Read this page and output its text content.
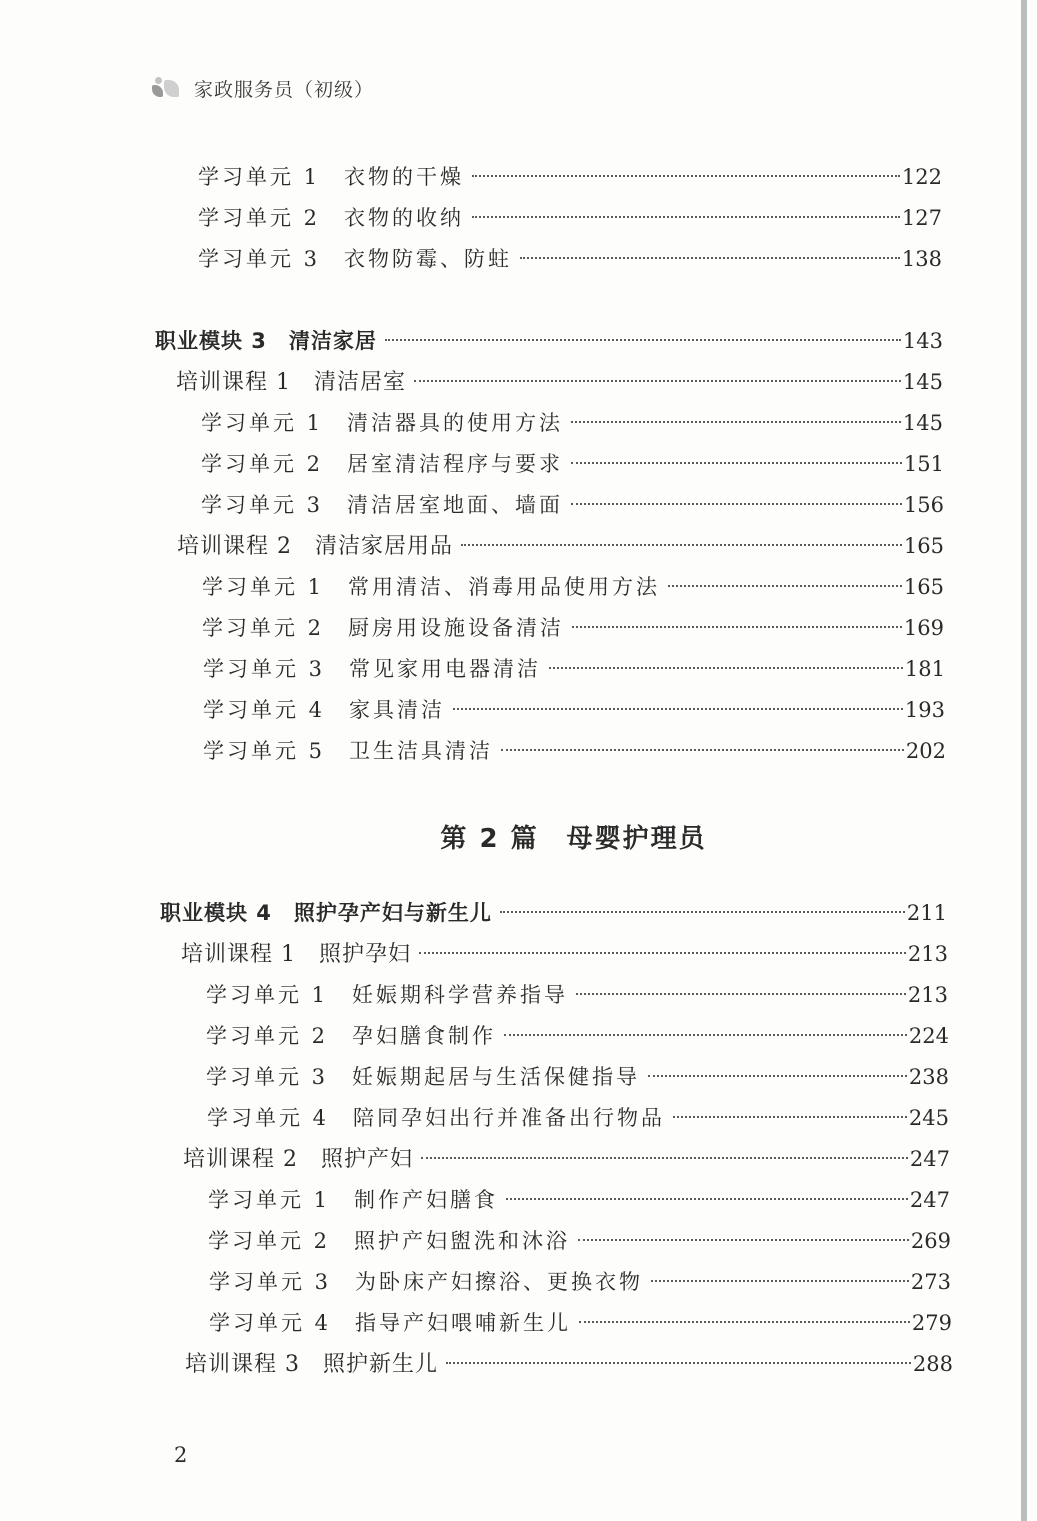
家政服务员（初级）
学习单元 1　衣物的干燥	122
学习单元 2　衣物的收纳	127
学习单元 3　衣物防霉、防蛀	138
职业模块 3　清洁家居	143
培训课程 1　清洁居室	145
学习单元 1　清洁器具的使用方法	145
学习单元 2　居室清洁程序与要求	151
学习单元 3　清洁居室地面、墙面	156
培训课程 2　清洁家居用品	165
学习单元 1　常用清洁、消毒用品使用方法	165
学习单元 2　厨房用设施设备清洁	169
学习单元 3　常见家用电器清洁	181
学习单元 4　家具清洁	193
学习单元 5　卫生洁具清洁	202
第 2 篇　母婴护理员
职业模块 4　照护孕产妇与新生儿	211
培训课程 1　照护孕妇	213
学习单元 1　妊娠期科学营养指导	213
学习单元 2　孕妇膳食制作	224
学习单元 3　妊娠期起居与生活保健指导	238
学习单元 4　陪同孕妇出行并准备出行物品	245
培训课程 2　照护产妇	247
学习单元 1　制作产妇膳食	247
学习单元 2　照护产妇盥洗和沐浴	269
学习单元 3　为卧床产妇擦浴、更换衣物	273
学习单元 4　指导产妇喂哺新生儿	279
培训课程 3　照护新生儿	288
2
